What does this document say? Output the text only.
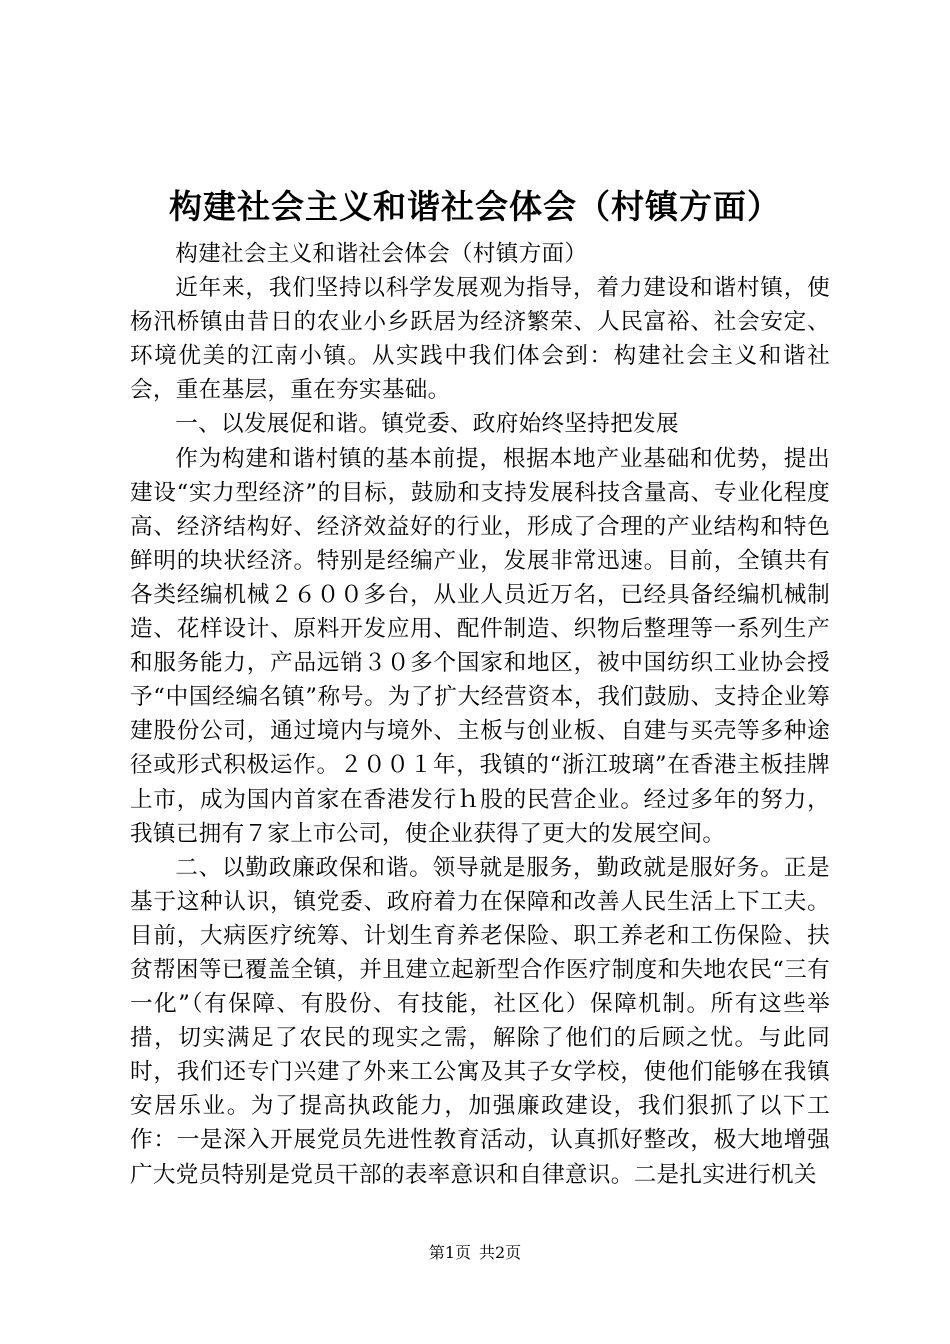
构建社会主义和谐社会体会（村镇方面）

构建社会主义和谐社会体会（村镇方面）

近年来，我们坚持以科学发展观为指导，着力建设和谐村镇，使杨汛桥镇由昔日的农业小乡跃居为经济繁荣、人民富裕、社会安定、环境优美的江南小镇。从实践中我们体会到：构建社会主义和谐社会，重在基层，重在夯实基础。

一、以发展促和谐。镇党委、政府始终坚持把发展

作为构建和谐村镇的基本前提，根据本地产业基础和优势，提出建设“实力型经济”的目标，鼓励和支持发展科技含量高、专业化程度高、经济结构好、经济效益好的行业，形成了合理的产业结构和特色鲜明的块状经济。特别是经编产业，发展非常迅速。目前，全镇共有各类经编机械２６００多台，从业人员近万名，已经具备经编机械制造、花样设计、原料开发应用、配件制造、织物后整理等一系列生产和服务能力，产品远销３０多个国家和地区，被中国纺织工业协会授予“中国经编名镇”称号。为了扩大经营资本，我们鼓励、支持企业筹建股份公司，通过境内与境外、主板与创业板、自建与买壳等多种途径或形式积极运作。２００１年，我镇的“浙江玻璃”在香港主板挂牌上市，成为国内首家在香港发行ｈ股的民营企业。经过多年的努力，我镇已拥有７家上市公司，使企业获得了更大的发展空间。

二、以勤政廉政保和谐。领导就是服务，勤政就是服好务。正是基于这种认识，镇党委、政府着力在保障和改善人民生活上下工夫。目前，大病医疗统筹、计划生育养老保险、职工养老和工伤保险、扶贫帮困等已覆盖全镇，并且建立起新型合作医疗制度和失地农民“三有一化”（有保障、有股份、有技能，社区化）保障机制。所有这些举措，切实满足了农民的现实之需，解除了他们的后顾之忧。与此同时，我们还专门兴建了外来工公寓及其子女学校，使他们能够在我镇安居乐业。为了提高执政能力，加强廉政建设，我们狠抓了以下工作：一是深入开展党员先进性教育活动，认真抓好整改，极大地增强广大党员特别是党员干部的表率意识和自律意识。二是扎实进行机关

第1页 共2页
